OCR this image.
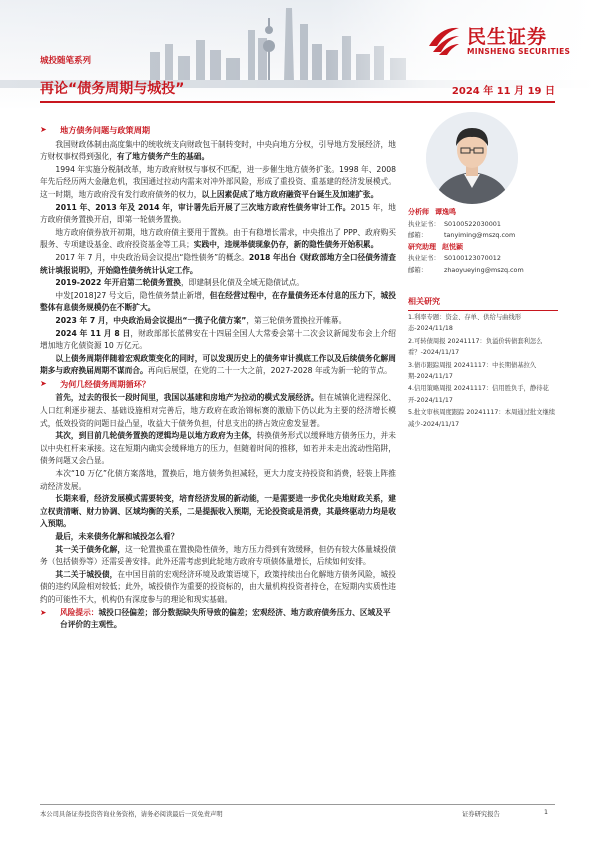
民生证券
MINSHENG SECURITIES
城投随笔系列
再论“债务周期与城投”	2024 年 11 月 19 日
➤ 地方债务问题与政策周期

我国财政体制由高度集中的统收统支向财政包干制转变时，中央向地方分权，引导地方发展经济，地方财权事权得到强化，有了地方债务产生的基础。

1994 年实施分税制改革，地方政府财权与事权不匹配，进一步催生地方债务扩张。1998 年、2008 年先后经历两大金融危机，我国通过拉动内需来对冲外部风险，形成了重投资、重基建的经济发展模式。这一时期，地方政府没有发行政府债务的权力，以上因素促成了地方政府融资平台诞生及加速扩张。

2011 年、2013 年及 2014 年，审计署先后开展了三次地方政府性债务审计工作。2015 年，地方政府债务置换开启，即第一轮债务置换。

地方政府债券放开初期，地方政府债主要用于置换。由于有稳增长需求，中央推出了 PPP、政府购买服务、专项建设基金、政府投资基金等工具；实践中，违规举债现象仍存，新的隐性债务开始积累。

2017 年 7 月，中央政治局会议提出“隐性债务”的概念。2018 年出台《财政部地方全口径债务清查统计填报说明》，开始隐性债务统计认定工作。

2019-2022 年开启第二轮债务置换，即建制县化债及全域无隐债试点。

中发[2018]27 号文后，隐性债务禁止新增，但在经营过程中，在存量债务还本付息的压力下，城投整体有息债务规模仍在不断扩大。

2023 年 7 月，中央政治局会议提出“一揽子化债方案”，第三轮债务置换拉开帷幕。

2024 年 11 月 8 日，财政部部长蓝佛安在十四届全国人大常委会第十二次会议新闻发布会上介绍增加地方化债资源 10 万亿元。

以上债务周期伴随着宏观政策变化的同时，可以发现历史上的债务审计摸底工作以及后续债务化解周期多与政府换届周期不谋而合。再向后展望，在党的二十一大之前，2027-2028 年或为新一轮的节点。

➤ 为何几经债务周期循环？

首先，过去的很长一段时间里，我国以基建和房地产为拉动的模式发展经济。但在城镇化进程深化、人口红利逐步褪去、基础设施相对完善后，地方政府在政治锦标赛的激励下仍以此为主要的经济增长模式，低效投资的问题日益凸显，收益大于债务负担，付息支出的挤占效应愈发显著。

其次，到目前几轮债务置换的逻辑均是以地方政府为主体，转换债务形式以缓释地方债务压力，并未以中央杠杆来承接。这在短期内确实会缓释地方的压力，但随着时间的推移，如若并未走出流动性陷阱，债务问题又会凸显。

本次“10 万亿”化债方案落地，置换后，地方债务负担减轻，更大力度支持投资和消费，轻装上阵推动经济发展。

长期来看，经济发展模式需要转变，培育经济发展的新动能，一是需要进一步优化央地财政关系，建立权责清晰、财力协调、区域均衡的关系，二是提振收入预期，无论投资或是消费，其最终驱动力均是收入预期。

最后，未来债务化解和城投怎么看？

其一关于债务化解，这一轮置换重在置换隐性债务，地方压力得到有效缓释，但仍有较大体量城投债务（包括债券等）还需妥善安排。此外还需考虑到此轮地方政府专项债体量增长，后续如何安排。

其二关于城投债，在中国目前的宏观经济环境及政策语境下，政策持续出台化解地方债务风险，城投债的违约风险相对较低；此外，城投债作为重要的投资标的，由大量机构投资者持仓，在短期内实质性违约的可能性不大，机构仍有深度参与的理论和现实基础。

➤ 风险提示：城投口径偏差；部分数据缺失所导致的偏差；宏观经济、地方政府债务压力、区域及平台评价的主观性。

分析师 谭逸鸣
执业证书： S0100522030001
邮箱：	tanyiming@mszq.com
研究助理 赵悦颖
执业证书： S0100123070012
邮箱：	zhaoyueying@mszq.com
相关研究
1.利率专题：资金、存单、供给与曲线形态-2024/11/18
2.可转债周报 20241117：负溢价转债套利怎么看？-2024/11/17
3.债市跟踪周报 20241117：中长期债基拉久期-2024/11/17
4.信用策略周报 20241117：信用胜负手，静待花开-2024/11/17
5.批文审核周度跟踪 20241117：本周通过批文继续减少-2024/11/17
本公司具备证券投资咨询业务资格，请务必阅读最后一页免责声明	证券研究报告	1
